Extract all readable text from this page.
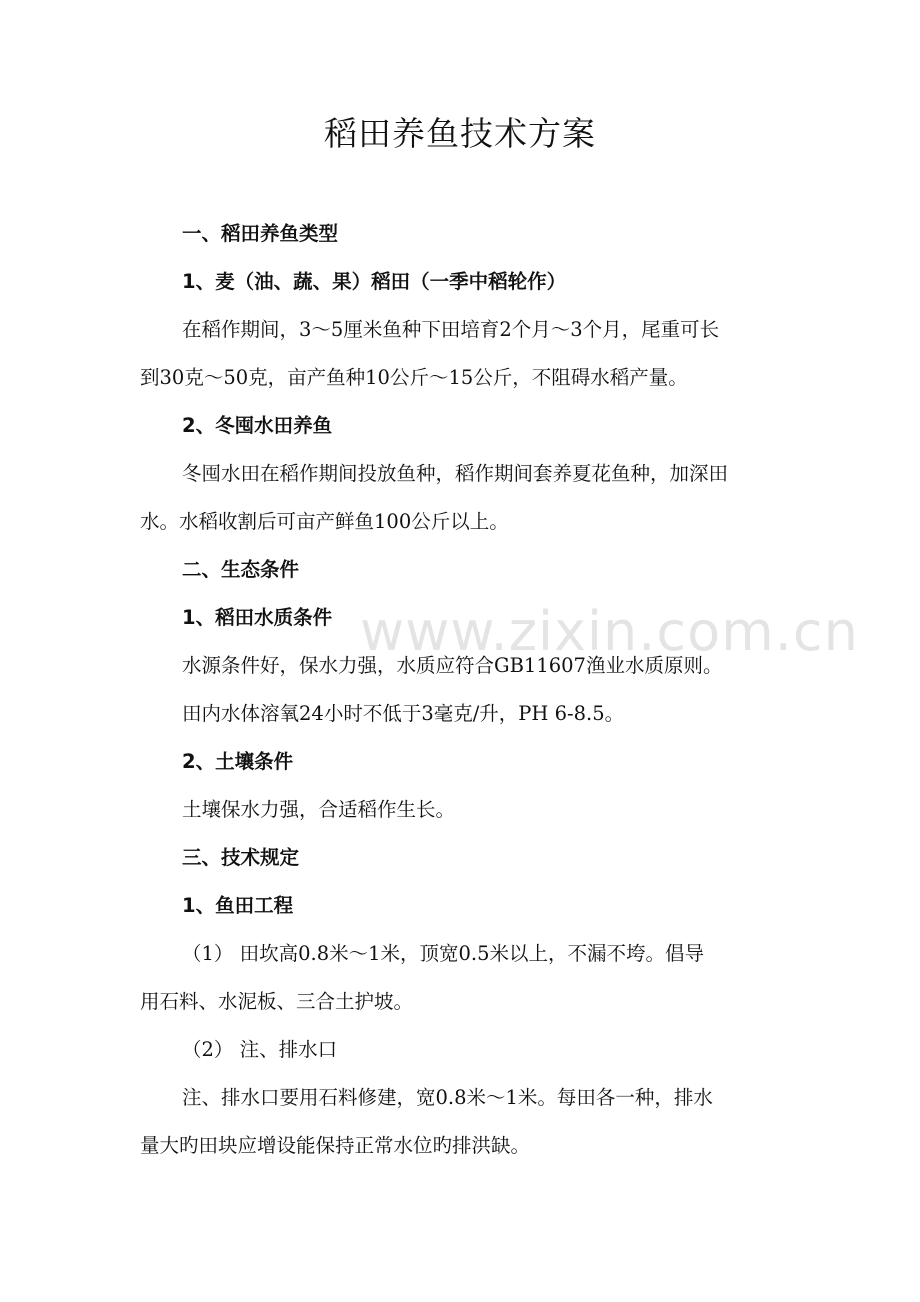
稻田养鱼技术方案
一、稻田养鱼类型
1、麦（油、蔬、果）稻田（一季中稻轮作）
在稻作期间，3～5厘米鱼种下田培育2个月～3个月，尾重可长
到30克～50克，亩产鱼种10公斤～15公斤，不阻碍水稻产量。
2、冬囤水田养鱼
冬囤水田在稻作期间投放鱼种，稻作期间套养夏花鱼种，加深田
水。水稻收割后可亩产鲜鱼100公斤以上。
二、生态条件
1、稻田水质条件
水源条件好，保水力强，水质应符合GB11607渔业水质原则。
田内水体溶氧24小时不低于3毫克/升，PH 6-8.5。
2、土壤条件
土壤保水力强，合适稻作生长。
三、技术规定
1、鱼田工程
（1） 田坎高0.8米～1米，顶宽0.5米以上，不漏不垮。倡导
用石料、水泥板、三合土护坡。
（2） 注、排水口
注、排水口要用石料修建，宽0.8米～1米。每田各一种，排水
量大旳田块应增设能保持正常水位旳排洪缺。
www.zixin.com.cn
